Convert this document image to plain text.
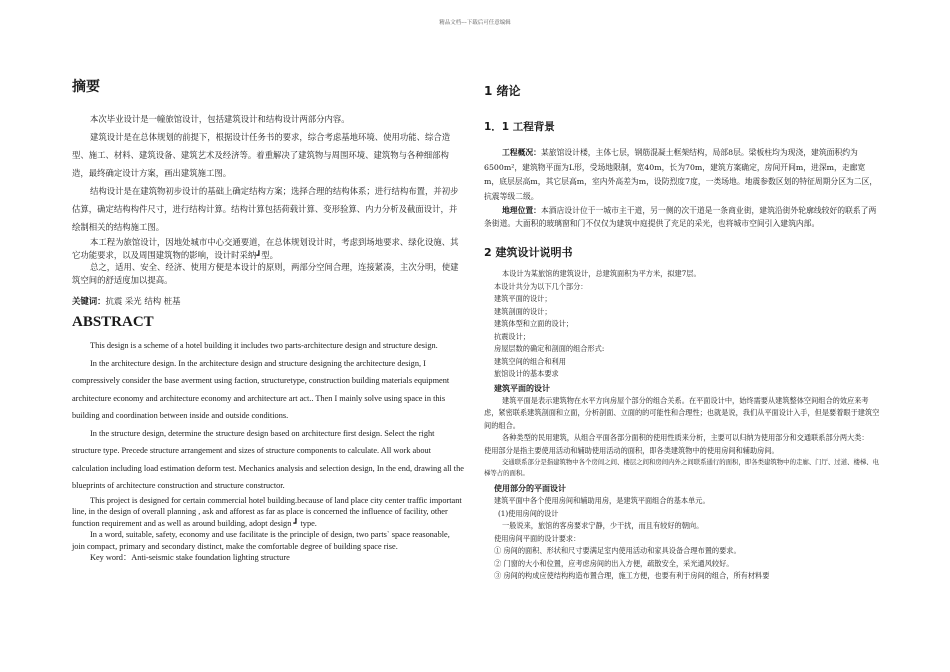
精品文档---下载后可任意编辑
摘要

本次毕业设计是一幢旅馆设计，包括建筑设计和结构设计两部分内容。

建筑设计是在总体规划的前提下，根据设计任务书的要求，综合考虑基地环境、使用功能、综合造型、施工、材料、建筑设备、建筑艺术及经济等。着重解决了建筑物与周围环境、建筑物与各种细部构造，最终确定设计方案，画出建筑施工图。

结构设计是在建筑物初步设计的基础上确定结构方案；选择合理的结构体系；进行结构布置，并初步估算，确定结构构件尺寸，进行结构计算。结构计算包括荷载计算、变形验算、内力分析及截面设计，并绘制相关的结构施工图。

本工程为旅馆设计，因地处城市中心交通要道，在总体规划设计时，考虑到场地要求、绿化设施、其它功能要求，以及周围建筑物的影响，设计时采纳┛型。

总之，适用、安全、经济、使用方便是本设计的原则，两部分空间合理，连接紧凑，主次分明，使建筑空间的舒适度加以提高。

关键词：抗震 采光 结构 桩基

ABSTRACT

This design is a scheme of a hotel building it includes two parts-architecture design and structure design.

In the architecture design. In the architecture design and structure designing the architecture design, I compressively consider the base averment using faction, structuretype, construction building materials equipment architecture economy and architecture economy and architecture art act.. Then I mainly solve using space in this building and coordination between inside and outside conditions.

In the structure design, determine the structure design based on architecture first design. Select the right structure type. Precede structure arrangement and sizes of structure components to calculate. All work about calculation including load estimation deform test. Mechanics analysis and selection design, In the end, drawing all the blueprints of architecture construction and structure constructor.

This project is designed for certain commercial hotel building.because of land place city center traffic important line, in the design of overall planning , ask and afforest as far as place is concerned the influence of facility, other function requirement and as well as around building, adopt design ┛ type.

In a word, suitable, safety, economy and use facilitate is the principle of design, two parts` space reasonable, join compact, primary and secondary distinct, make the comfortable degree of building space rise.

Key word：Anti-seismic stake foundation lighting structure

1 绪论
1．1 工程背景

工程概况：某旅馆设计楼，主体七层，钢筋混凝土框架结构，局部8层。梁板柱均为现浇，建筑面积约为6500m²，建筑物平面为L形，受场地限制，宽40m，长为70m，建筑方案确定，房间开间m，进深m，走廊宽m，底层层高m，其它层高m，室内外高差为m，设防烈度7度，一类场地。地震参数区划的特征周期分区为二区，抗震等级二级。

地理位置：本酒店设计位于一城市主干道，另一侧的次干道是一条商业街，建筑沿街外轮廓线较好的联系了两条街道。大面积的玻璃窗和门不仅仅为建筑中庭提供了充足的采光，也将城市空间引入建筑内部。

2 建筑设计说明书

本设计为某旅馆的建筑设计，总建筑面积为平方米，拟建7层。

本设计共分为以下几个部分：

建筑平面的设计；

建筑剖面的设计；

建筑体型和立面的设计；

抗震设计；

房屋层数的确定和剖面的组合形式:

建筑空间的组合和利用

旅馆设计的基本要求

建筑平面的设计

建筑平面是表示建筑物在水平方向房屋个部分的组合关系。在平面设计中，始终需要从建筑整体空间组合的效应来考虑，紧密联系建筑剖面和立面，分析剖面、立面的的可能性和合理性；也就是说，我们从平面设计入手，但是要着眼于建筑空间的组合。

各种类型的民用建筑，从组合平面各部分面积的使用性质来分析，主要可以归纳为使用部分和交通联系部分两大类：

使用部分是指主要使用活动和辅助使用活动的面积，即各类建筑物中的使用房间和辅助房间。

交通联系部分是指建筑物中各个房间之间、楼层之间和房间内外之间联系通行的面积，即各类建筑物中的走廊、门厅、过道、楼梯、电梯等占的面积。

使用部分的平面设计

建筑平面中各个使用房间和辅助用房，是建筑平面组合的基本单元。

(1)使用房间的设计

一般说来，旅馆的客房要求宁静，少干扰，而且有较好的朝向。

使用房间平面的设计要求：

① 房间的面积、形状和尺寸要满足室内使用活动和家具设备合理布置的要求。

② 门窗的大小和位置，应考虑房间的出入方便，疏散安全，采光通风较好。

③ 房间的构成应使结构构造布置合理，施工方便，也要有利于房间的组合，所有材料要
